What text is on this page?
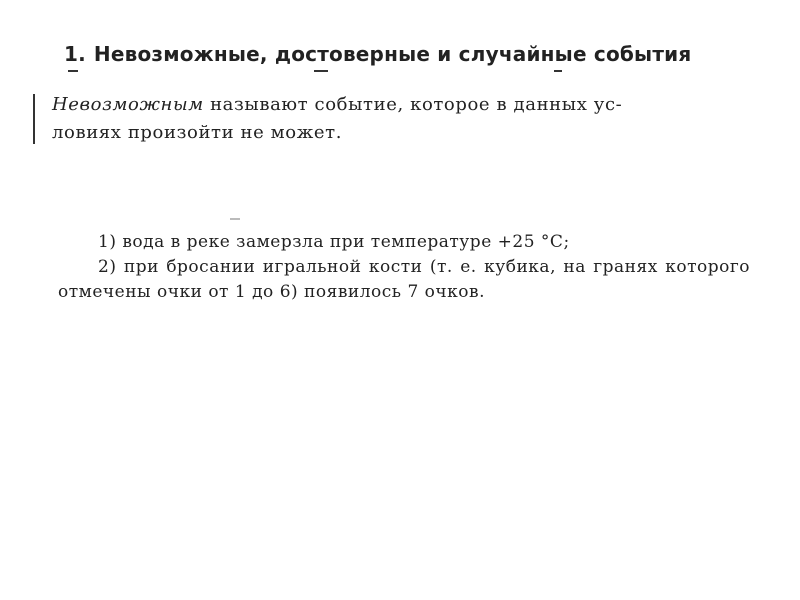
1. Невозможные, достоверные и случайные события
Невозможным называют событие, которое в данных ус-
ловиях произойти не может.

1) вода в реке замерзла при температуре +25 °С;

2) при бросании игральной кости (т. е. кубика, на гранях которого отмечены очки от 1 до 6) появилось 7 очков.
